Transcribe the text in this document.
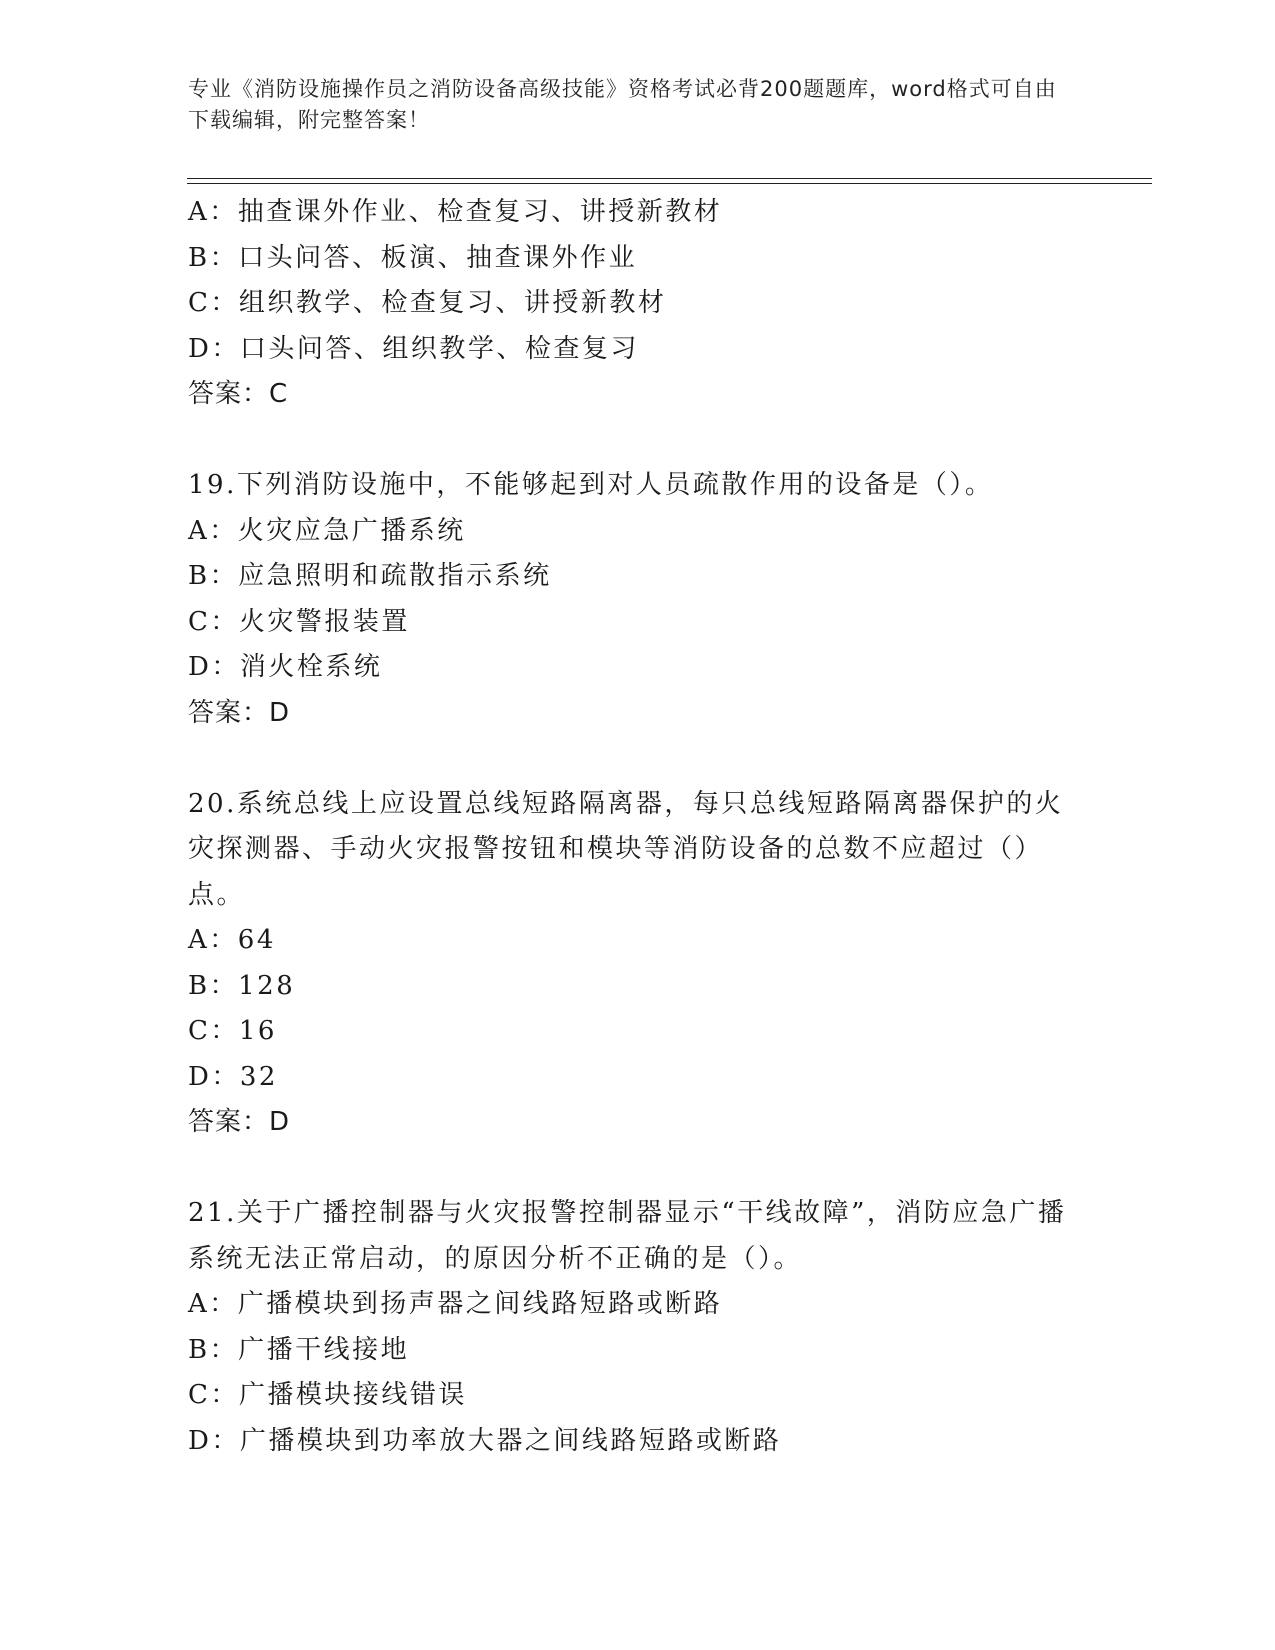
专业《消防设施操作员之消防设备高级技能》资格考试必背200题题库，word格式可自由下载编辑，附完整答案！
A：抽查课外作业、检查复习、讲授新教材
B：口头问答、板演、抽查课外作业
C：组织教学、检查复习、讲授新教材
D：口头问答、组织教学、检查复习
答案：C
19.下列消防设施中，不能够起到对人员疏散作用的设备是（）。
A：火灾应急广播系统
B：应急照明和疏散指示系统
C：火灾警报装置
D：消火栓系统
答案：D
20.系统总线上应设置总线短路隔离器，每只总线短路隔离器保护的火灾探测器、手动火灾报警按钮和模块等消防设备的总数不应超过（）点。
A：64
B：128
C：16
D：32
答案：D
21.关于广播控制器与火灾报警控制器显示“干线故障”，消防应急广播系统无法正常启动，的原因分析不正确的是（）。
A：广播模块到扬声器之间线路短路或断路
B：广播干线接地
C：广播模块接线错误
D：广播模块到功率放大器之间线路短路或断路
